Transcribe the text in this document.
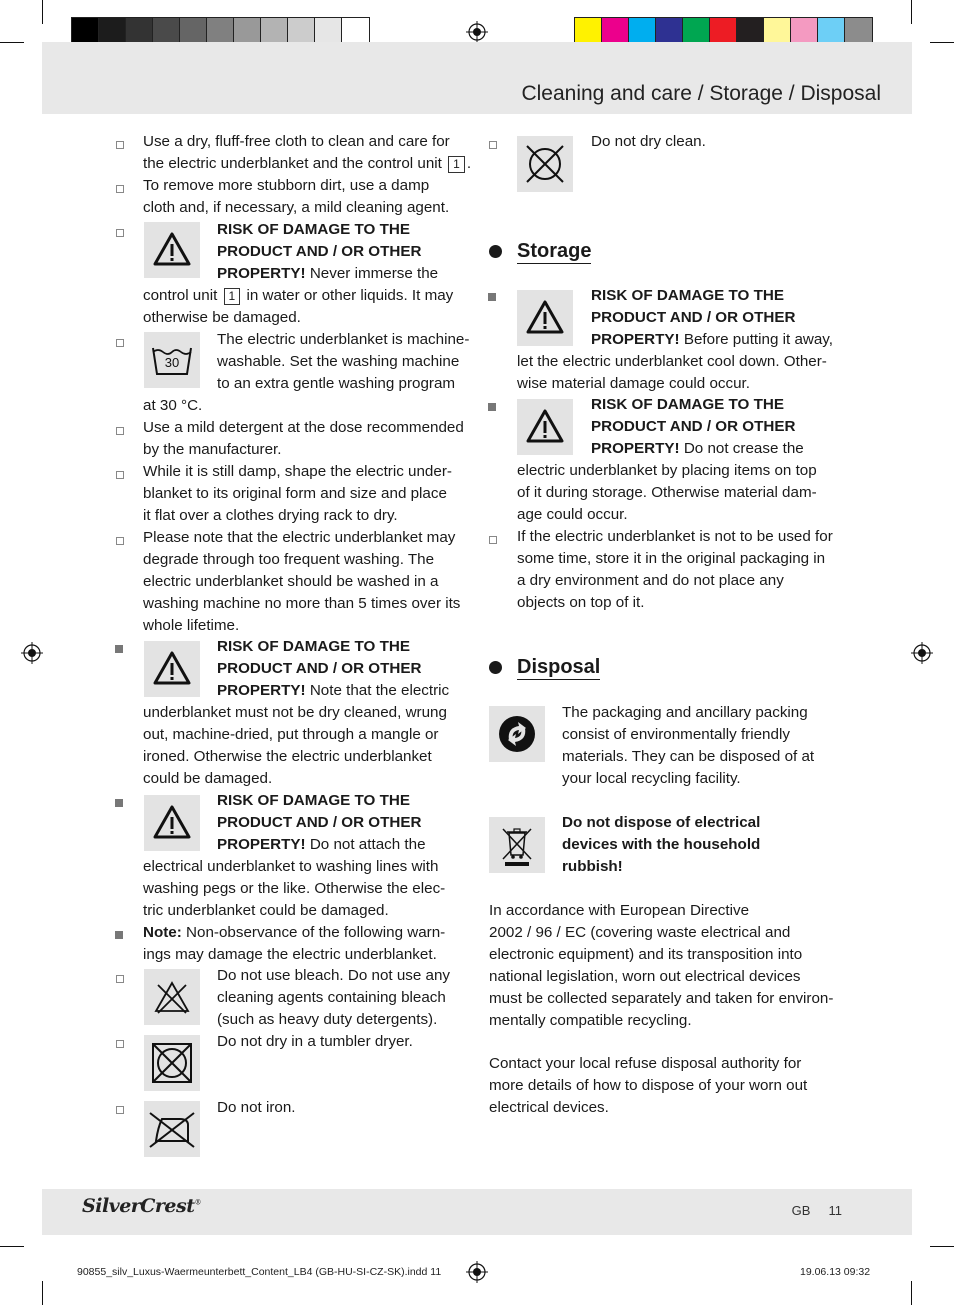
Cleaning and care / Storage / Disposal
Use a dry, fluff-free cloth to clean and care for
the electric underblanket and the control unit 1 .
To remove more stubborn dirt, use a damp
cloth and, if necessary, a mild cleaning agent.
RISK OF DAMAGE TO THE
PRODUCT AND / OR OTHER
PROPERTY! Never immerse the
control unit 1 in water or other liquids. It may
otherwise be damaged.
30
The electric underblanket is machine-
washable. Set the washing machine
to an extra gentle washing program
at 30 °C.
Use a mild detergent at the dose recommended
by the manufacturer.
While it is still damp, shape the electric under-
blanket to its original form and size and place
it flat over a clothes drying rack to dry.
Please note that the electric underblanket may
degrade through too frequent washing. The
electric underblanket should be washed in a
washing machine no more than 5 times over its
whole lifetime.
RISK OF DAMAGE TO THE
PRODUCT AND / OR OTHER
PROPERTY! Note that the electric
underblanket must not be dry cleaned, wrung
out, machine-dried, put through a mangle or
ironed. Otherwise the electric underblanket
could be damaged.
RISK OF DAMAGE TO THE
PRODUCT AND / OR OTHER
PROPERTY! Do not attach the
electrical underblanket to washing lines with
washing pegs or the like. Otherwise the elec-
tric underblanket could be damaged.
Note: Non-observance of the following warn-
ings may damage the electric underblanket.
Do not use bleach. Do not use any
cleaning agents containing bleach
(such as heavy duty detergents).
Do not dry in a tumbler dryer.
Do not iron.
Do not dry clean.
Storage
RISK OF DAMAGE TO THE
PRODUCT AND / OR OTHER
PROPERTY! Before putting it away,
let the electric underblanket cool down. Other-
wise material damage could occur.
RISK OF DAMAGE TO THE
PRODUCT AND / OR OTHER
PROPERTY! Do not crease the
electric underblanket by placing items on top
of it during storage. Otherwise material dam-
age could occur.
If the electric underblanket is not to be used for
some time, store it in the original packaging in
a dry environment and do not place any
objects on top of it.
Disposal
The packaging and ancillary packing
consist of environmentally friendly
materials. They can be disposed of at
your local recycling facility.
Do not dispose of electrical
devices with the household
rubbish!
In accordance with European Directive
2002 / 96 / EC (covering waste electrical and
electronic equipment) and its transposition into
national legislation, worn out electrical devices
must be collected separately and taken for environ-
mentally compatible recycling.
Contact your local refuse disposal authority for
more details of how to dispose of your worn out
electrical devices.
SilverCrest®
GB 11
90855_silv_Luxus-Waermeunterbett_Content_LB4 (GB-HU-SI-CZ-SK).indd 11	19.06.13 09:32
